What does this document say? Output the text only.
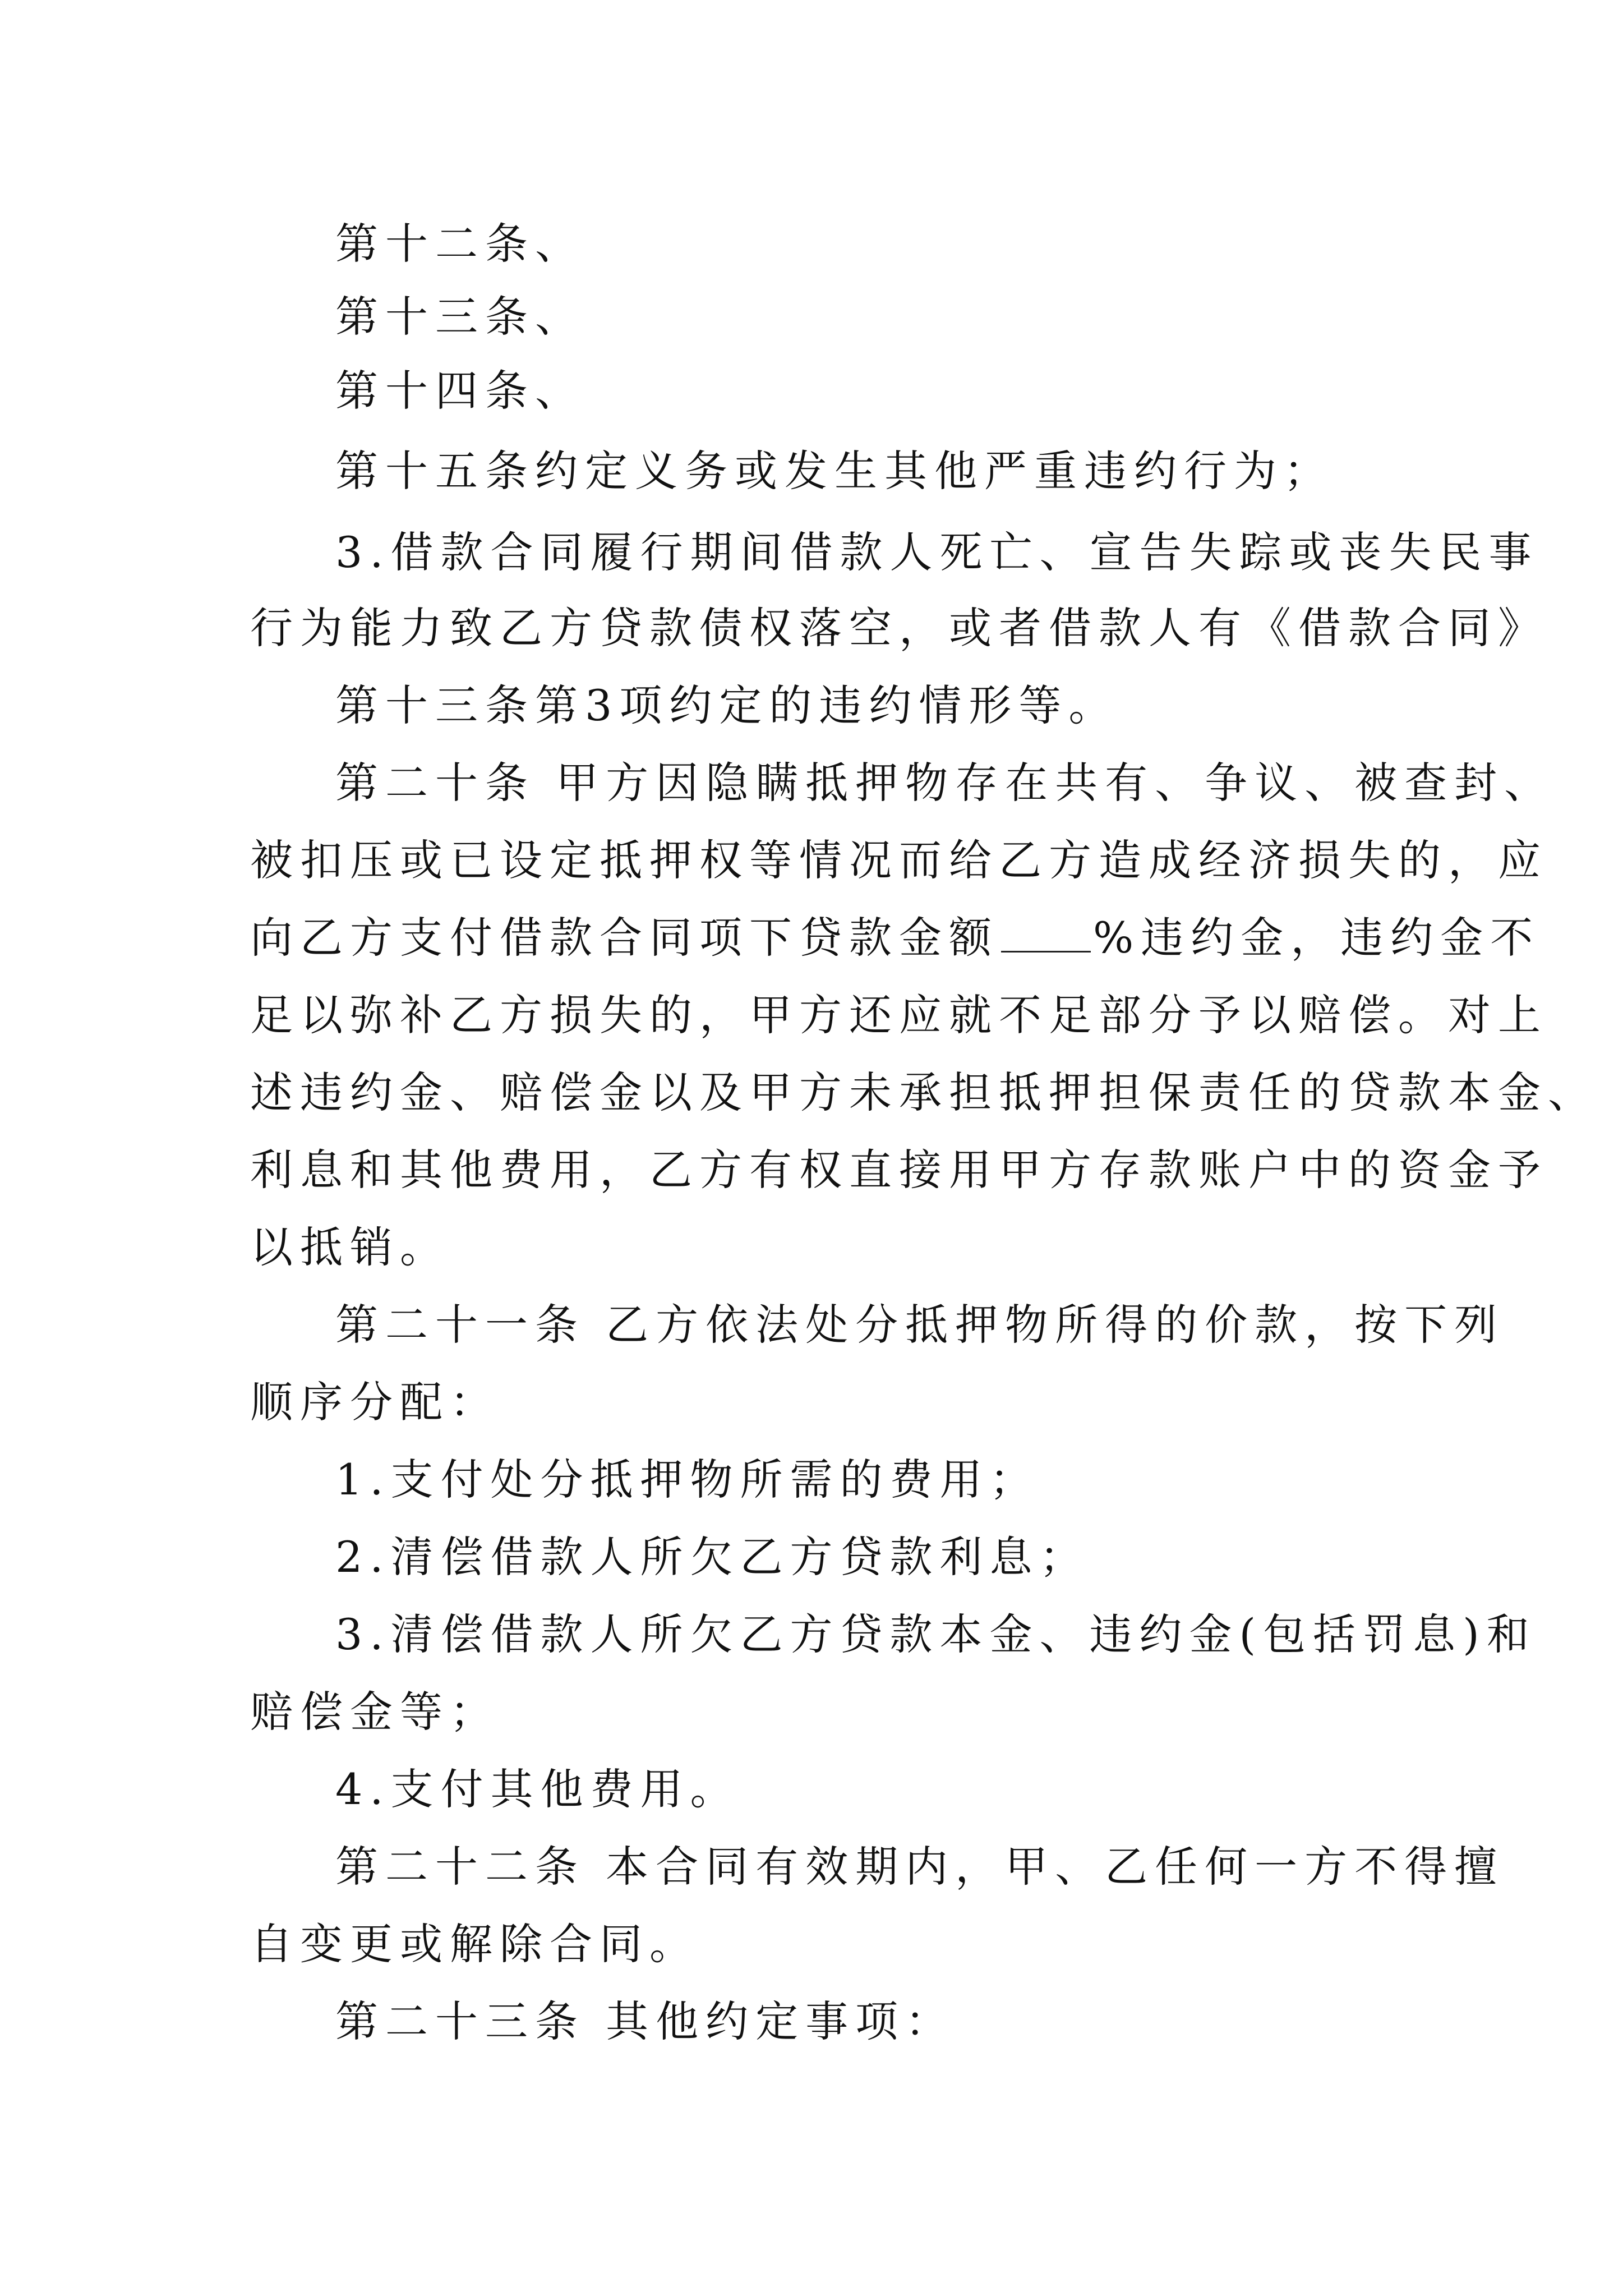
第十二条、
第十三条、
第十四条、
第十五条约定义务或发生其他严重违约行为；
3.借款合同履行期间借款人死亡、宣告失踪或丧失民事
行为能力致乙方贷款债权落空，或者借款人有《借款合同》
第十三条第3项约定的违约情形等。
第二十条 甲方因隐瞒抵押物存在共有、争议、被查封、
被扣压或已设定抵押权等情况而给乙方造成经济损失的，应
向乙方支付借款合同项下贷款金额 %违约金，违约金不
足以弥补乙方损失的，甲方还应就不足部分予以赔偿。对上
述违约金、赔偿金以及甲方未承担抵押担保责任的贷款本金、
利息和其他费用，乙方有权直接用甲方存款账户中的资金予
以抵销。
第二十一条 乙方依法处分抵押物所得的价款，按下列
顺序分配：
1.支付处分抵押物所需的费用；
2.清偿借款人所欠乙方贷款利息；
3.清偿借款人所欠乙方贷款本金、违约金(包括罚息)和
赔偿金等；
4.支付其他费用。
第二十二条 本合同有效期内，甲、乙任何一方不得擅
自变更或解除合同。
第二十三条 其他约定事项：
